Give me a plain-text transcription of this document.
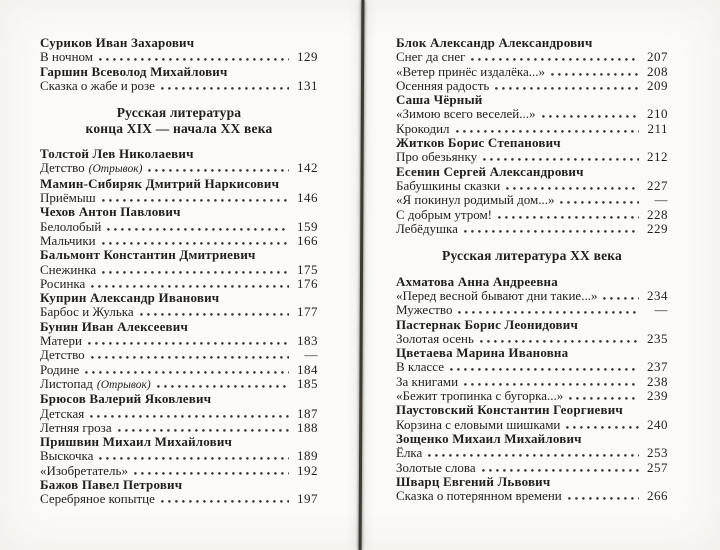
Суриков Иван Захарович
В ночном	129
Гаршин Всеволод Михайлович
Сказка о жабе и розе	131
Русская литература
конца XIX — начала XX века
Толстой Лев Николаевич
Детство (Отрывок)	142
Мамин-Сибиряк Дмитрий Наркисович
Приёмыш	146
Чехов Антон Павлович
Белолобый	159
Мальчики	166
Бальмонт Константин Дмитриевич
Снежинка	175
Росинка	176
Куприн Александр Иванович
Барбос и Жулька	177
Бунин Иван Алексеевич
Матери	183
Детство	—
Родине	184
Листопад (Отрывок)	185
Брюсов Валерий Яковлевич
Детская	187
Летняя гроза	188
Пришвин Михаил Михайлович
Выскочка	189
«Изобретатель»	192
Бажов Павел Петрович
Серебряное копытце	197
Блок Александр Александрович
Снег да снег	207
«Ветер принёс издалёка...»	208
Осенняя радость	209
Саша Чёрный
«Зимою всего веселей...»	210
Крокодил	211
Житков Борис Степанович
Про обезьянку	212
Есенин Сергей Александрович
Бабушкины сказки	227
«Я покинул родимый дом...»	—
С добрым утром!	228
Лебёдушка	229
Русская литература XX века
Ахматова Анна Андреевна
«Перед весной бывают дни такие...»	234
Мужество	—
Пастернак Борис Леонидович
Золотая осень	235
Цветаева Марина Ивановна
В классе	237
За книгами	238
«Бежит тропинка с бугорка...»	239
Паустовский Константин Георгиевич
Корзина с еловыми шишками	240
Зощенко Михаил Михайлович
Ёлка	253
Золотые слова	257
Шварц Евгений Львович
Сказка о потерянном времени	266
